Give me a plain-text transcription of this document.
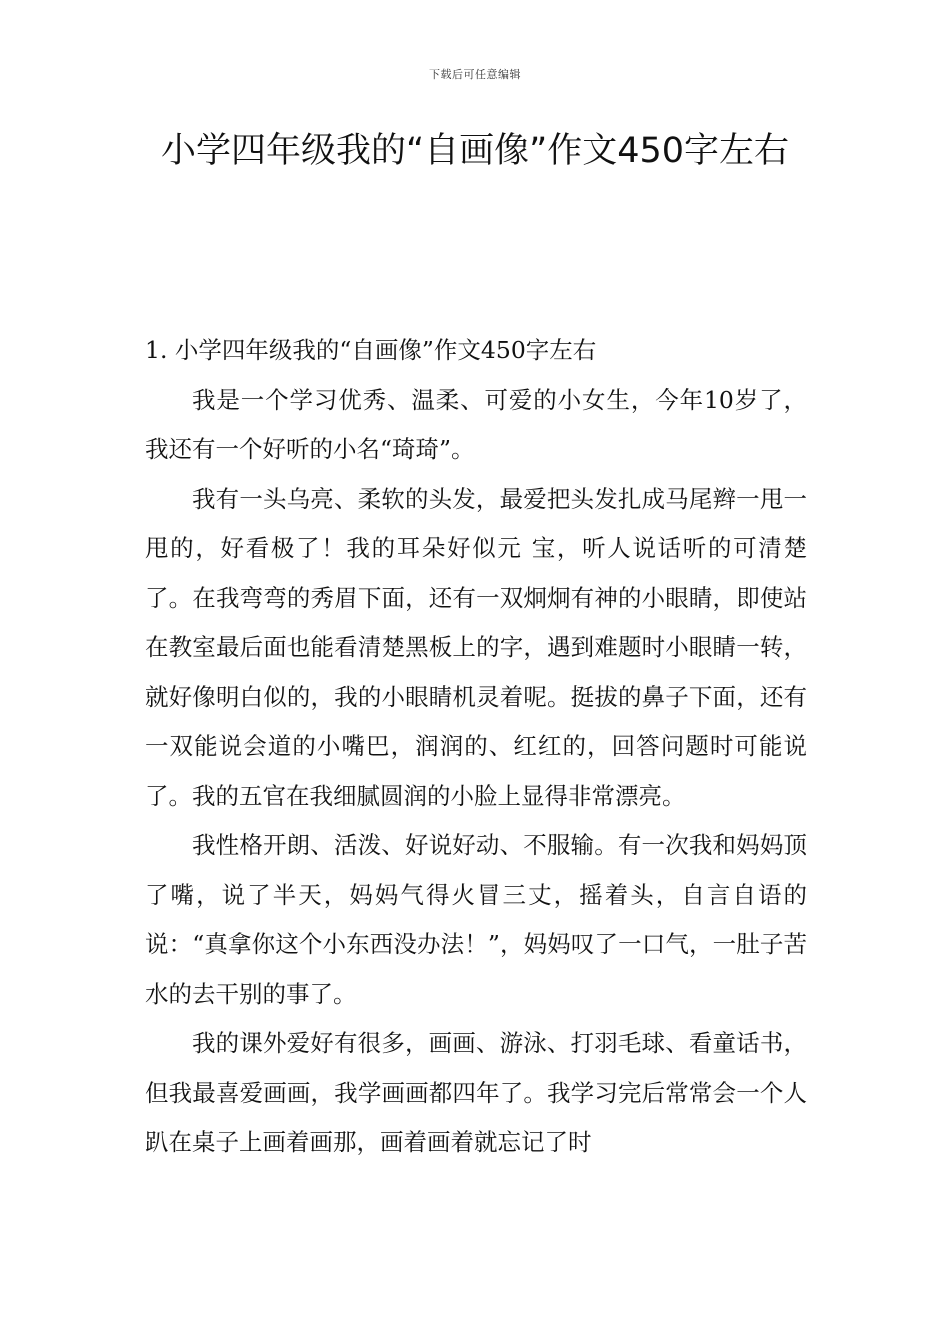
下载后可任意编辑
小学四年级我的“自画像”作文450字左右

1. 小学四年级我的“自画像”作文450字左右

我是一个学习优秀、温柔、可爱的小女生，今年10岁了，我还有一个好听的小名“琦琦”。

我有一头乌亮、柔软的头发，最爱把头发扎成马尾辫一甩一甩的，好看极了！我的耳朵好似元 宝，听人说话听的可清楚了。在我弯弯的秀眉下面，还有一双炯炯有神的小眼睛，即使站在教室最后面也能看清楚黑板上的字，遇到难题时小眼睛一转，就好像明白似的，我的小眼睛机灵着呢。挺拔的鼻子下面，还有一双能说会道的小嘴巴，润润的、红红的，回答问题时可能说了。我的五官在我细腻圆润的小脸上显得非常漂亮。

我性格开朗、活泼、好说好动、不服输。有一次我和妈妈顶了嘴，说了半天，妈妈气得火冒三丈，摇着头，自言自语的说：“真拿你这个小东西没办法！”，妈妈叹了一口气，一肚子苦水的去干别的事了。

我的课外爱好有很多，画画、游泳、打羽毛球、看童话书，但我最喜爱画画，我学画画都四年了。我学习完后常常会一个人趴在桌子上画着画那，画着画着就忘记了时
